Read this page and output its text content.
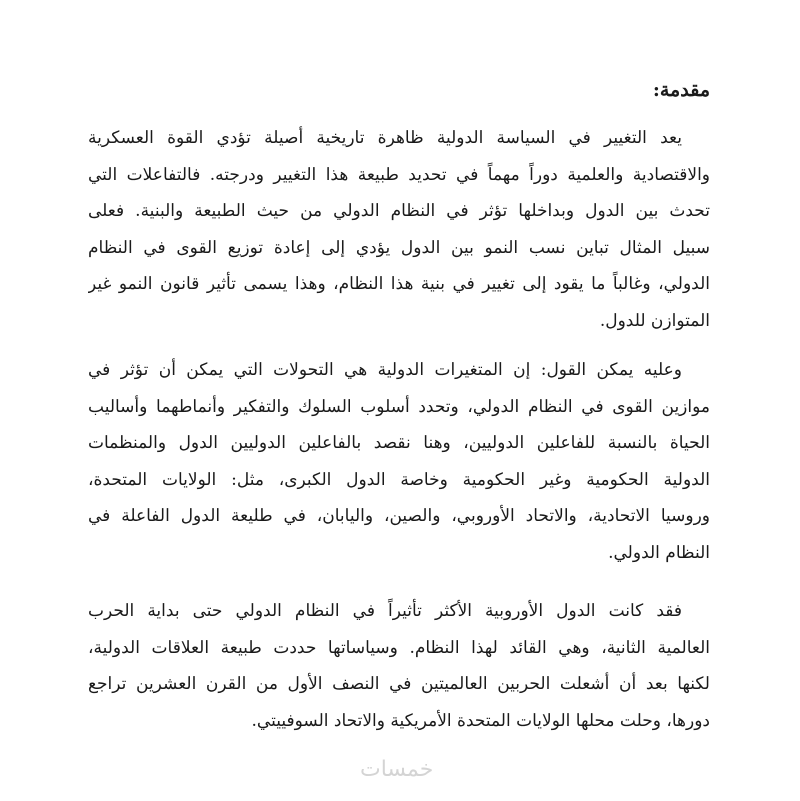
مقدمة:
يعد التغيير في السياسة الدولية ظاهرة تاريخية أصيلة تؤدي القوة العسكرية
والاقتصادية والعلمية دوراً مهماً في تحديد طبيعة هذا التغيير ودرجته. فالتفاعلات التي
تحدث بين الدول وبداخلها تؤثر في النظام الدولي من حيث الطبيعة والبنية. فعلى
سبيل المثال تباين نسب النمو بين الدول يؤدي إلى إعادة توزيع القوى في النظام
الدولي، وغالباً ما يقود إلى تغيير في بنية هذا النظام، وهذا يسمى تأثير قانون النمو غير
المتوازن للدول.
وعليه يمكن القول: إن المتغيرات الدولية هي التحولات التي يمكن أن تؤثر في
موازين القوى في النظام الدولي، وتحدد أسلوب السلوك والتفكير وأنماطهما وأساليب
الحياة بالنسبة للفاعلين الدوليين، وهنا نقصد بالفاعلين الدوليين الدول والمنظمات
الدولية الحكومية وغير الحكومية وخاصة الدول الكبرى، مثل: الولايات المتحدة،
وروسيا الاتحادية، والاتحاد الأوروبي، والصين، واليابان، في طليعة الدول الفاعلة في
النظام الدولي.
فقد كانت الدول الأوروبية الأكثر تأثيراً في النظام الدولي حتى بداية الحرب
العالمية الثانية، وهي القائد لهذا النظام. وسياساتها حددت طبيعة العلاقات الدولية،
لكنها بعد أن أشعلت الحربين العالميتين في النصف الأول من القرن العشرين تراجع
دورها، وحلت محلها الولايات المتحدة الأمريكية والاتحاد السوفييتي.
خمسات
